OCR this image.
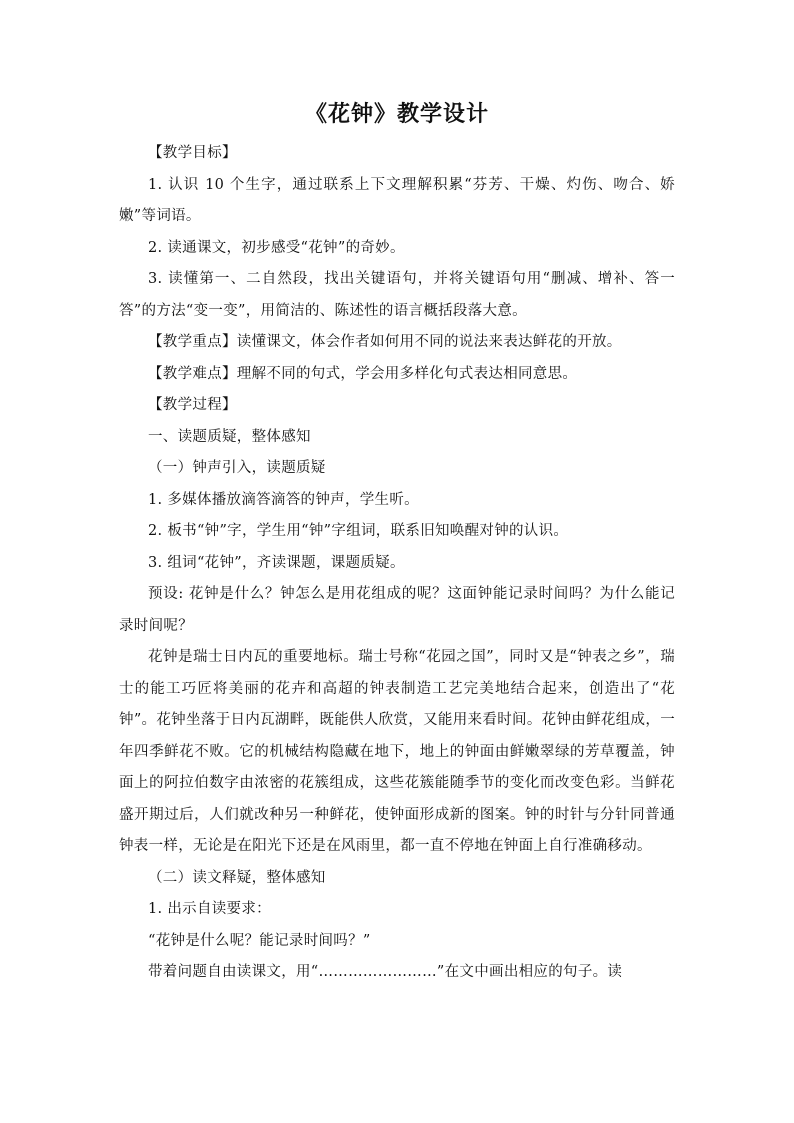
《花钟》教学设计

【教学目标】

1. 认识 10 个生字，通过联系上下文理解积累“芬芳、干燥、灼伤、吻合、娇嫩”等词语。

2. 读通课文，初步感受“花钟”的奇妙。

3. 读懂第一、二自然段，找出关键语句，并将关键语句用“删减、增补、答一答”的方法“变一变”，用简洁的、陈述性的语言概括段落大意。

【教学重点】读懂课文，体会作者如何用不同的说法来表达鲜花的开放。

【教学难点】理解不同的句式，学会用多样化句式表达相同意思。

【教学过程】

一、读题质疑，整体感知

（一）钟声引入，读题质疑

1. 多媒体播放滴答滴答的钟声，学生听。

2. 板书“钟”字，学生用“钟”字组词，联系旧知唤醒对钟的认识。

3. 组词“花钟”，齐读课题，课题质疑。

预设: 花钟是什么？钟怎么是用花组成的呢？这面钟能记录时间吗？为什么能记录时间呢？

花钟是瑞士日内瓦的重要地标。瑞士号称“花园之国”，同时又是“钟表之乡”，瑞士的能工巧匠将美丽的花卉和高超的钟表制造工艺完美地结合起来，创造出了“花钟”。花钟坐落于日内瓦湖畔，既能供人欣赏，又能用来看时间。花钟由鲜花组成，一年四季鲜花不败。它的机械结构隐藏在地下，地上的钟面由鲜嫩翠绿的芳草覆盖，钟面上的阿拉伯数字由浓密的花簇组成，这些花簇能随季节的变化而改变色彩。当鲜花盛开期过后，人们就改种另一种鲜花，使钟面形成新的图案。钟的时针与分针同普通钟表一样，无论是在阳光下还是在风雨里，都一直不停地在钟面上自行准确移动。

（二）读文释疑，整体感知

1. 出示自读要求：

“花钟是什么呢？能记录时间吗？”

带着问题自由读课文，用“……………………”在文中画出相应的句子。读
